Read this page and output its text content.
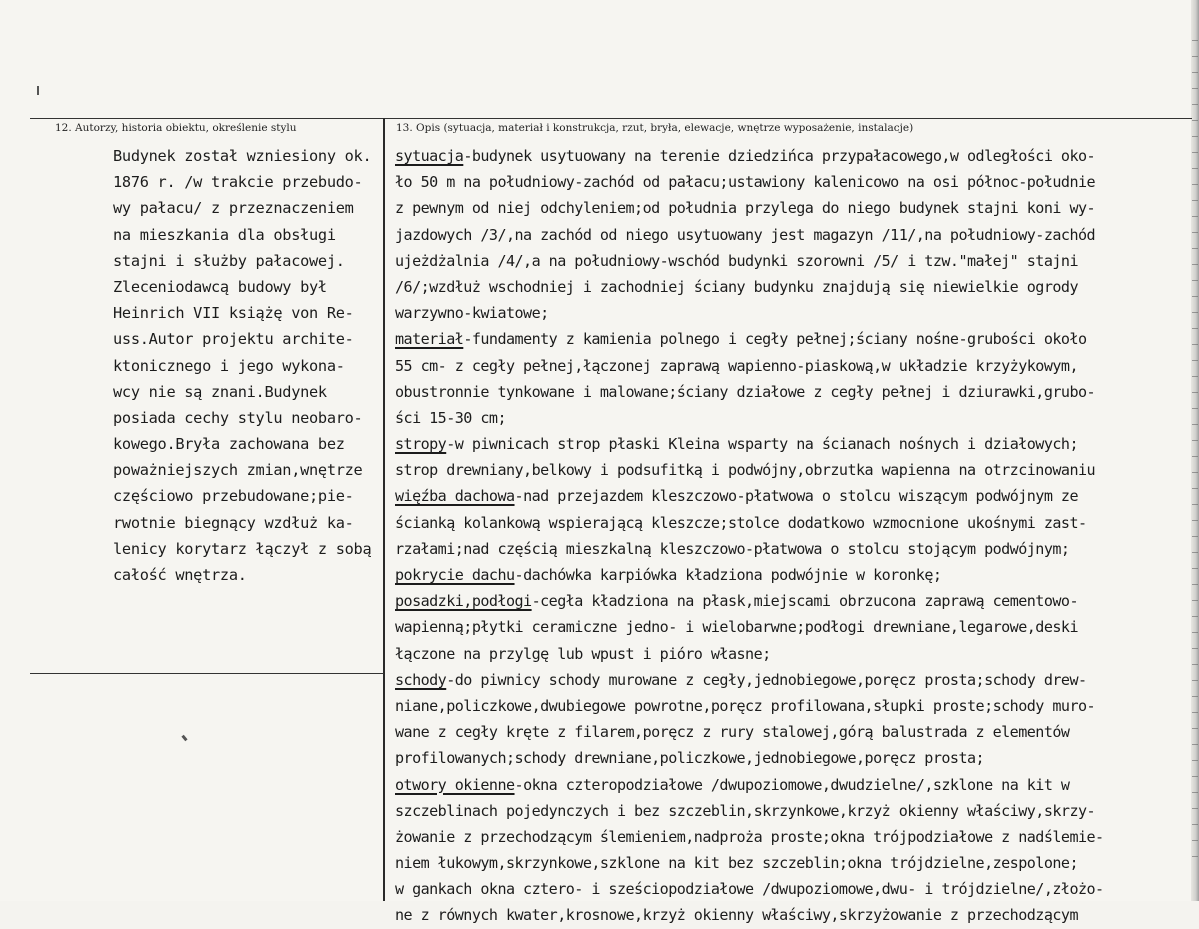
12. Autorzy, historia obiektu, określenie stylu	13. Opis (sytuacja, materiał i konstrukcja, rzut, bryła, elewacje, wnętrze wyposażenie, instalacje)
Budynek został wzniesiony ok.
1876 r. /w trakcie przebudo-
wy pałacu/ z przeznaczeniem
na mieszkania dla obsługi
stajni i służby pałacowej.
Zleceniodawcą budowy był
Heinrich VII książę von Re-
uss.Autor projektu archite-
ktonicznego i jego wykona-
wcy nie są znani.Budynek
posiada cechy stylu neobaro-
kowego.Bryła zachowana bez
poważniejszych zmian,wnętrze
częściowo przebudowane;pie-
rwotnie biegnący wzdłuż ka-
lenicy korytarz łączył z sobą
całość wnętrza.
sytuacja-budynek usytuowany na terenie dziedzińca przypałacowego,w odległości oko-
ło 50 m na południowy-zachód od pałacu;ustawiony kalenicowo na osi północ-południe
z pewnym od niej odchyleniem;od południa przylega do niego budynek stajni koni wy-
jazdowych /3/,na zachód od niego usytuowany jest magazyn /11/,na południowy-zachód
ujeżdżalnia /4/,a na południowy-wschód budynki szorowni /5/ i tzw."małej" stajni
/6/;wzdłuż wschodniej i zachodniej ściany budynku znajdują się niewielkie ogrody
warzywno-kwiatowe;
materiał-fundamenty z kamienia polnego i cegły pełnej;ściany nośne-grubości około
55 cm- z cegły pełnej,łączonej zaprawą wapienno-piaskową,w układzie krzyżykowym,
obustronnie tynkowane i malowane;ściany działowe z cegły pełnej i dziurawki,grubo-
ści 15-30 cm;
stropy-w piwnicach strop płaski Kleina wsparty na ścianach nośnych i działowych;
strop drewniany,belkowy i podsufitką i podwójny,obrzutka wapienna na otrzcinowaniu
więźba dachowa-nad przejazdem kleszczowo-płatwowa o stolcu wiszącym podwójnym ze
ścianką kolankową wspierającą kleszcze;stolce dodatkowo wzmocnione ukośnymi zast-
rzałami;nad częścią mieszkalną kleszczowo-płatwowa o stolcu stojącym podwójnym;
pokrycie dachu-dachówka karpiówka kładziona podwójnie w koronkę;
posadzki,podłogi-cegła kładziona na płask,miejscami obrzucona zaprawą cementowo-
wapienną;płytki ceramiczne jedno- i wielobarwne;podłogi drewniane,legarowe,deski
łączone na przylgę lub wpust i pióro własne;
schody-do piwnicy schody murowane z cegły,jednobiegowe,poręcz prosta;schody drew-
niane,policzkowe,dwubiegowe powrotne,poręcz profilowana,słupki proste;schody muro-
wane z cegły kręte z filarem,poręcz z rury stalowej,górą balustrada z elementów
profilowanych;schody drewniane,policzkowe,jednobiegowe,poręcz prosta;
otwory okienne-okna czteropodziałowe /dwupoziomowe,dwudzielne/,szklone na kit w
szczeblinach pojedynczych i bez szczeblin,skrzynkowe,krzyż okienny właściwy,skrzy-
żowanie z przechodzącym ślemieniem,nadproża proste;okna trójpodziałowe z nadślemie-
niem łukowym,skrzynkowe,szklone na kit bez szczeblin;okna trójdzielne,zespolone;
w gankach okna cztero- i sześciopodziałowe /dwupoziomowe,dwu- i trójdzielne/,złożo-
ne z równych kwater,krosnowe,krzyż okienny właściwy,skrzyżowanie z przechodzącym
